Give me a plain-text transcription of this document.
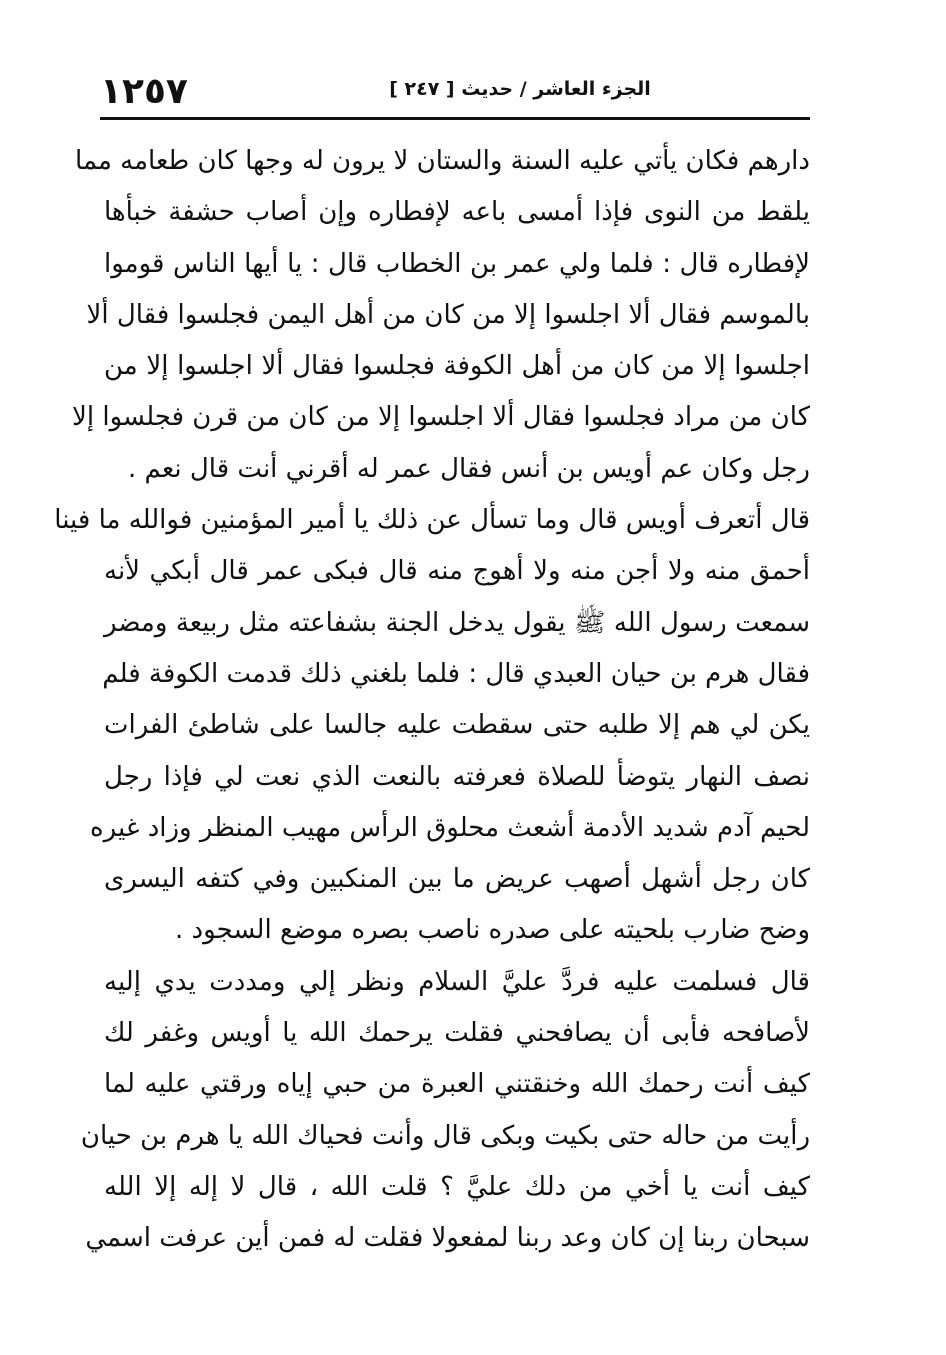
١٢٥٧	الجزء العاشر / حديث [ ٢٤٧ ]
دارهم فكان يأتي عليه السنة والستان لا يرون له وجها كان طعامه مما
يلقط من النوى فإذا أمسى باعه لإفطاره وإن أصاب حشفة خبأها
لإفطاره قال : فلما ولي عمر بن الخطاب قال : يا أيها الناس قوموا
بالموسم فقال ألا اجلسوا إلا من كان من أهل اليمن فجلسوا فقال ألا
اجلسوا إلا من كان من أهل الكوفة فجلسوا فقال ألا اجلسوا إلا من
كان من مراد فجلسوا فقال ألا اجلسوا إلا من كان من قرن فجلسوا إلا
رجل وكان عم أويس بن أنس فقال عمر له أقرني أنت قال نعم .
قال أتعرف أويس قال وما تسأل عن ذلك يا أمير المؤمنين فوالله ما فينا
أحمق منه ولا أجن منه ولا أهوج منه قال فبكى عمر قال أبكي لأنه
سمعت رسول الله ﷺ يقول يدخل الجنة بشفاعته مثل ربيعة ومضر
فقال هرم بن حيان العبدي قال : فلما بلغني ذلك قدمت الكوفة فلم
يكن لي هم إلا طلبه حتى سقطت عليه جالسا على شاطئ الفرات
نصف النهار يتوضأ للصلاة فعرفته بالنعت الذي نعت لي فإذا رجل
لحيم آدم شديد الأدمة أشعث محلوق الرأس مهيب المنظر وزاد غيره
كان رجل أشهل أصهب عريض ما بين المنكبين وفي كتفه اليسرى
وضح ضارب بلحيته على صدره ناصب بصره موضع السجود .
قال فسلمت عليه فردَّ عليَّ السلام ونظر إلي ومددت يدي إليه
لأصافحه فأبى أن يصافحني فقلت يرحمك الله يا أويس وغفر لك
كيف أنت رحمك الله وخنقتني العبرة من حبي إياه ورقتي عليه لما
رأيت من حاله حتى بكيت وبكى قال وأنت فحياك الله يا هرم بن حيان
كيف أنت يا أخي من دلك عليَّ ؟ قلت الله ، قال لا إله إلا الله
سبحان ربنا إن كان وعد ربنا لمفعولا فقلت له فمن أين عرفت اسمي
